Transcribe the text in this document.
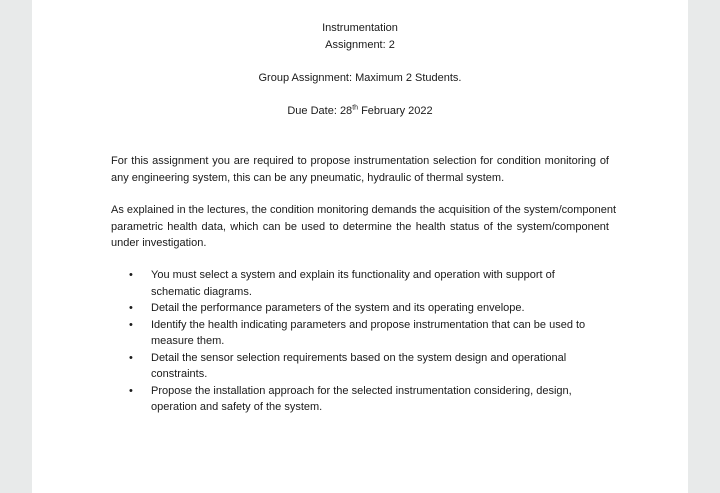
Instrumentation
Assignment: 2
Group Assignment: Maximum 2 Students.
Due Date: 28th February 2022
For this assignment you are required to propose instrumentation selection for condition monitoring of
any engineering system, this can be any pneumatic, hydraulic of thermal system.
As explained in the lectures, the condition monitoring demands the acquisition of the system/component
parametric health data, which can be used to determine the health status of the system/component
under investigation.
• You must select a system and explain its functionality and operation with support of
schematic diagrams.
• Detail the performance parameters of the system and its operating envelope.
• Identify the health indicating parameters and propose instrumentation that can be used to
measure them.
• Detail the sensor selection requirements based on the system design and operational
constraints.
• Propose the installation approach for the selected instrumentation considering, design,
operation and safety of the system.
